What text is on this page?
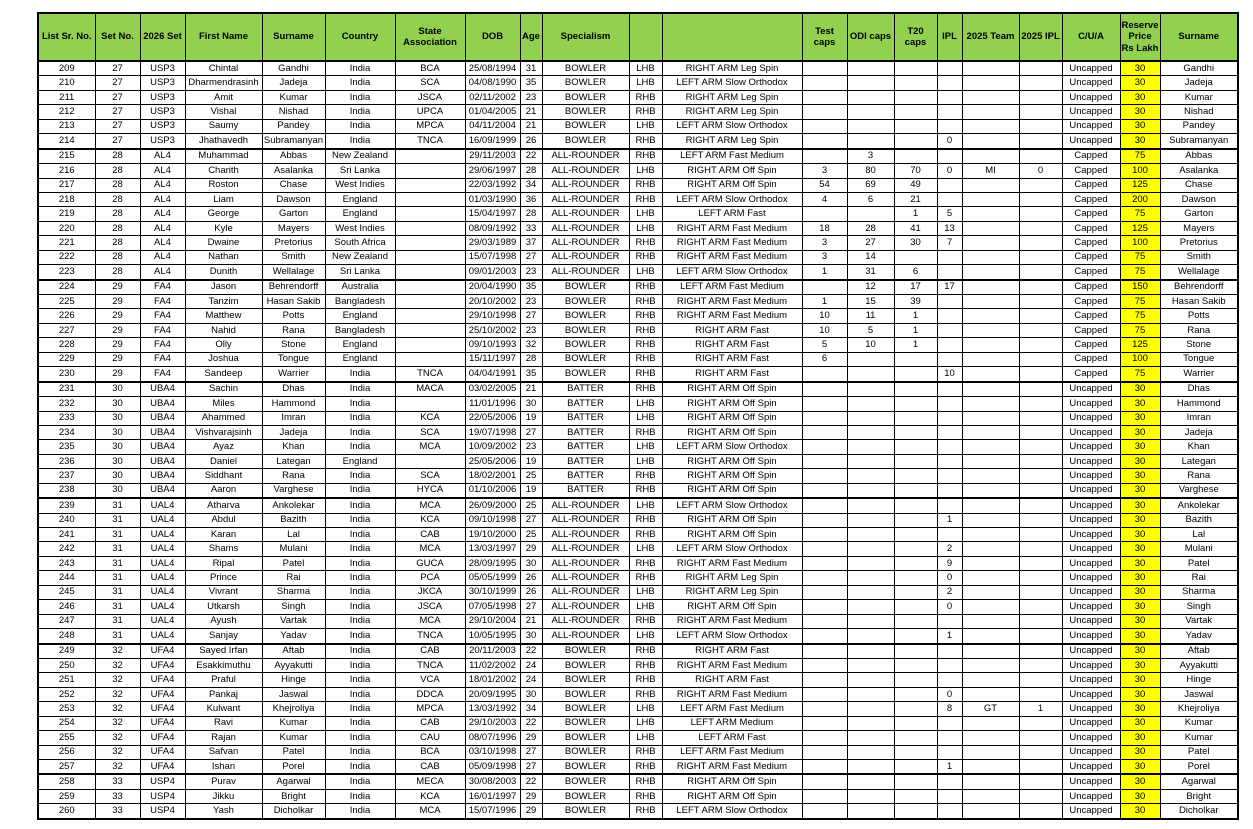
List Sr. No.	Set No.	2026 Set	First Name	Surname	Country	State Association	DOB	Age	Specialism			Test caps	ODI caps	T20 caps	IPL	2025 Team	2025 IPL	C/U/A	Reserve Price Rs Lakh	Surname
209	27	USP3	Chintal	Gandhi	India	BCA	25/08/1994	31	BOWLER	LHB	RIGHT ARM Leg Spin							Uncapped	30	Gandhi
210	27	USP3	Dharmendrasinh	Jadeja	India	SCA	04/08/1990	35	BOWLER	LHB	LEFT ARM Slow Orthodox							Uncapped	30	Jadeja
211	27	USP3	Amit	Kumar	India	JSCA	02/11/2002	23	BOWLER	RHB	RIGHT ARM Leg Spin							Uncapped	30	Kumar
212	27	USP3	Vishal	Nishad	India	UPCA	01/04/2005	21	BOWLER	RHB	RIGHT ARM Leg Spin							Uncapped	30	Nishad
213	27	USP3	Saumy	Pandey	India	MPCA	04/11/2004	21	BOWLER	LHB	LEFT ARM Slow Orthodox							Uncapped	30	Pandey
214	27	USP3	Jhathavedh	Subramanyan	India	TNCA	16/09/1999	26	BOWLER	RHB	RIGHT ARM Leg Spin				0			Uncapped	30	Subramanyan
215	28	AL4	Muhammad	Abbas	New Zealand		29/11/2003	22	ALL-ROUNDER	RHB	LEFT ARM Fast Medium		3					Capped	75	Abbas
216	28	AL4	Charith	Asalanka	Sri Lanka		29/06/1997	28	ALL-ROUNDER	LHB	RIGHT ARM Off Spin	3	80	70	0	MI	0	Capped	100	Asalanka
217	28	AL4	Roston	Chase	West Indies		22/03/1992	34	ALL-ROUNDER	RHB	RIGHT ARM Off Spin	54	69	49				Capped	125	Chase
218	28	AL4	Liam	Dawson	England		01/03/1990	36	ALL-ROUNDER	RHB	LEFT ARM Slow Orthodox	4	6	21				Capped	200	Dawson
219	28	AL4	George	Garton	England		15/04/1997	28	ALL-ROUNDER	LHB	LEFT ARM Fast			1	5			Capped	75	Garton
220	28	AL4	Kyle	Mayers	West Indies		08/09/1992	33	ALL-ROUNDER	LHB	RIGHT ARM Fast Medium	18	28	41	13			Capped	125	Mayers
221	28	AL4	Dwaine	Pretorius	South Africa		29/03/1989	37	ALL-ROUNDER	RHB	RIGHT ARM Fast Medium	3	27	30	7			Capped	100	Pretorius
222	28	AL4	Nathan	Smith	New Zealand		15/07/1998	27	ALL-ROUNDER	RHB	RIGHT ARM Fast Medium	3	14					Capped	75	Smith
223	28	AL4	Dunith	Wellalage	Sri Lanka		09/01/2003	23	ALL-ROUNDER	LHB	LEFT ARM Slow Orthodox	1	31	6				Capped	75	Wellalage
224	29	FA4	Jason	Behrendorff	Australia		20/04/1990	35	BOWLER	RHB	LEFT ARM Fast Medium		12	17	17			Capped	150	Behrendorff
225	29	FA4	Tanzim	Hasan Sakib	Bangladesh		20/10/2002	23	BOWLER	RHB	RIGHT ARM Fast Medium	1	15	39				Capped	75	Hasan Sakib
226	29	FA4	Matthew	Potts	England		29/10/1998	27	BOWLER	RHB	RIGHT ARM Fast Medium	10	11	1				Capped	75	Potts
227	29	FA4	Nahid	Rana	Bangladesh		25/10/2002	23	BOWLER	RHB	RIGHT ARM Fast	10	5	1				Capped	75	Rana
228	29	FA4	Olly	Stone	England		09/10/1993	32	BOWLER	RHB	RIGHT ARM Fast	5	10	1				Capped	125	Stone
229	29	FA4	Joshua	Tongue	England		15/11/1997	28	BOWLER	RHB	RIGHT ARM Fast	6						Capped	100	Tongue
230	29	FA4	Sandeep	Warrier	India	TNCA	04/04/1991	35	BOWLER	RHB	RIGHT ARM Fast				10			Capped	75	Warrier
231	30	UBA4	Sachin	Dhas	India	MACA	03/02/2005	21	BATTER	RHB	RIGHT ARM Off Spin							Uncapped	30	Dhas
232	30	UBA4	Miles	Hammond	India		11/01/1996	30	BATTER	LHB	RIGHT ARM Off Spin							Uncapped	30	Hammond
233	30	UBA4	Ahammed	Imran	India	KCA	22/05/2006	19	BATTER	LHB	RIGHT ARM Off Spin							Uncapped	30	Imran
234	30	UBA4	Vishvarajsinh	Jadeja	India	SCA	19/07/1998	27	BATTER	RHB	RIGHT ARM Off Spin							Uncapped	30	Jadeja
235	30	UBA4	Ayaz	Khan	India	MCA	10/09/2002	23	BATTER	LHB	LEFT ARM Slow Orthodox							Uncapped	30	Khan
236	30	UBA4	Daniel	Lategan	England		25/05/2006	19	BATTER	LHB	RIGHT ARM Off Spin							Uncapped	30	Lategan
237	30	UBA4	Siddhant	Rana	India	SCA	18/02/2001	25	BATTER	RHB	RIGHT ARM Off Spin							Uncapped	30	Rana
238	30	UBA4	Aaron	Varghese	India	HYCA	01/10/2006	19	BATTER	RHB	RIGHT ARM Off Spin							Uncapped	30	Varghese
239	31	UAL4	Atharva	Ankolekar	India	MCA	26/09/2000	25	ALL-ROUNDER	LHB	LEFT ARM Slow Orthodox							Uncapped	30	Ankolekar
240	31	UAL4	Abdul	Bazith	India	KCA	09/10/1998	27	ALL-ROUNDER	RHB	RIGHT ARM Off Spin				1			Uncapped	30	Bazith
241	31	UAL4	Karan	Lal	India	CAB	19/10/2000	25	ALL-ROUNDER	RHB	RIGHT ARM Off Spin							Uncapped	30	Lal
242	31	UAL4	Shams	Mulani	India	MCA	13/03/1997	29	ALL-ROUNDER	LHB	LEFT ARM Slow Orthodox				2			Uncapped	30	Mulani
243	31	UAL4	Ripal	Patel	India	GUCA	28/09/1995	30	ALL-ROUNDER	RHB	RIGHT ARM Fast Medium				9			Uncapped	30	Patel
244	31	UAL4	Prince	Rai	India	PCA	05/05/1999	26	ALL-ROUNDER	RHB	RIGHT ARM Leg Spin				0			Uncapped	30	Rai
245	31	UAL4	Vivrant	Sharma	India	JKCA	30/10/1999	26	ALL-ROUNDER	LHB	RIGHT ARM Leg Spin				2			Uncapped	30	Sharma
246	31	UAL4	Utkarsh	Singh	India	JSCA	07/05/1998	27	ALL-ROUNDER	LHB	RIGHT ARM Off Spin				0			Uncapped	30	Singh
247	31	UAL4	Ayush	Vartak	India	MCA	29/10/2004	21	ALL-ROUNDER	RHB	RIGHT ARM Fast Medium							Uncapped	30	Vartak
248	31	UAL4	Sanjay	Yadav	India	TNCA	10/05/1995	30	ALL-ROUNDER	LHB	LEFT ARM Slow Orthodox				1			Uncapped	30	Yadav
249	32	UFA4	Sayed Irfan	Aftab	India	CAB	20/11/2003	22	BOWLER	RHB	RIGHT ARM Fast							Uncapped	30	Aftab
250	32	UFA4	Esakkimuthu	Ayyakutti	India	TNCA	11/02/2002	24	BOWLER	RHB	RIGHT ARM Fast Medium							Uncapped	30	Ayyakutti
251	32	UFA4	Praful	Hinge	India	VCA	18/01/2002	24	BOWLER	RHB	RIGHT ARM Fast							Uncapped	30	Hinge
252	32	UFA4	Pankaj	Jaswal	India	DDCA	20/09/1995	30	BOWLER	RHB	RIGHT ARM Fast Medium				0			Uncapped	30	Jaswal
253	32	UFA4	Kulwant	Khejroliya	India	MPCA	13/03/1992	34	BOWLER	LHB	LEFT ARM Fast Medium				8	GT	1	Uncapped	30	Khejroliya
254	32	UFA4	Ravi	Kumar	India	CAB	29/10/2003	22	BOWLER	LHB	LEFT ARM Medium							Uncapped	30	Kumar
255	32	UFA4	Rajan	Kumar	India	CAU	08/07/1996	29	BOWLER	LHB	LEFT ARM Fast							Uncapped	30	Kumar
256	32	UFA4	Safvan	Patel	India	BCA	03/10/1998	27	BOWLER	RHB	LEFT ARM Fast Medium							Uncapped	30	Patel
257	32	UFA4	Ishan	Porel	India	CAB	05/09/1998	27	BOWLER	RHB	RIGHT ARM Fast Medium				1			Uncapped	30	Porel
258	33	USP4	Purav	Agarwal	India	MECA	30/08/2003	22	BOWLER	RHB	RIGHT ARM Off Spin							Uncapped	30	Agarwal
259	33	USP4	Jikku	Bright	India	KCA	16/01/1997	29	BOWLER	RHB	RIGHT ARM Off Spin							Uncapped	30	Bright
260	33	USP4	Yash	Dicholkar	India	MCA	15/07/1996	29	BOWLER	RHB	LEFT ARM Slow Orthodox							Uncapped	30	Dicholkar
